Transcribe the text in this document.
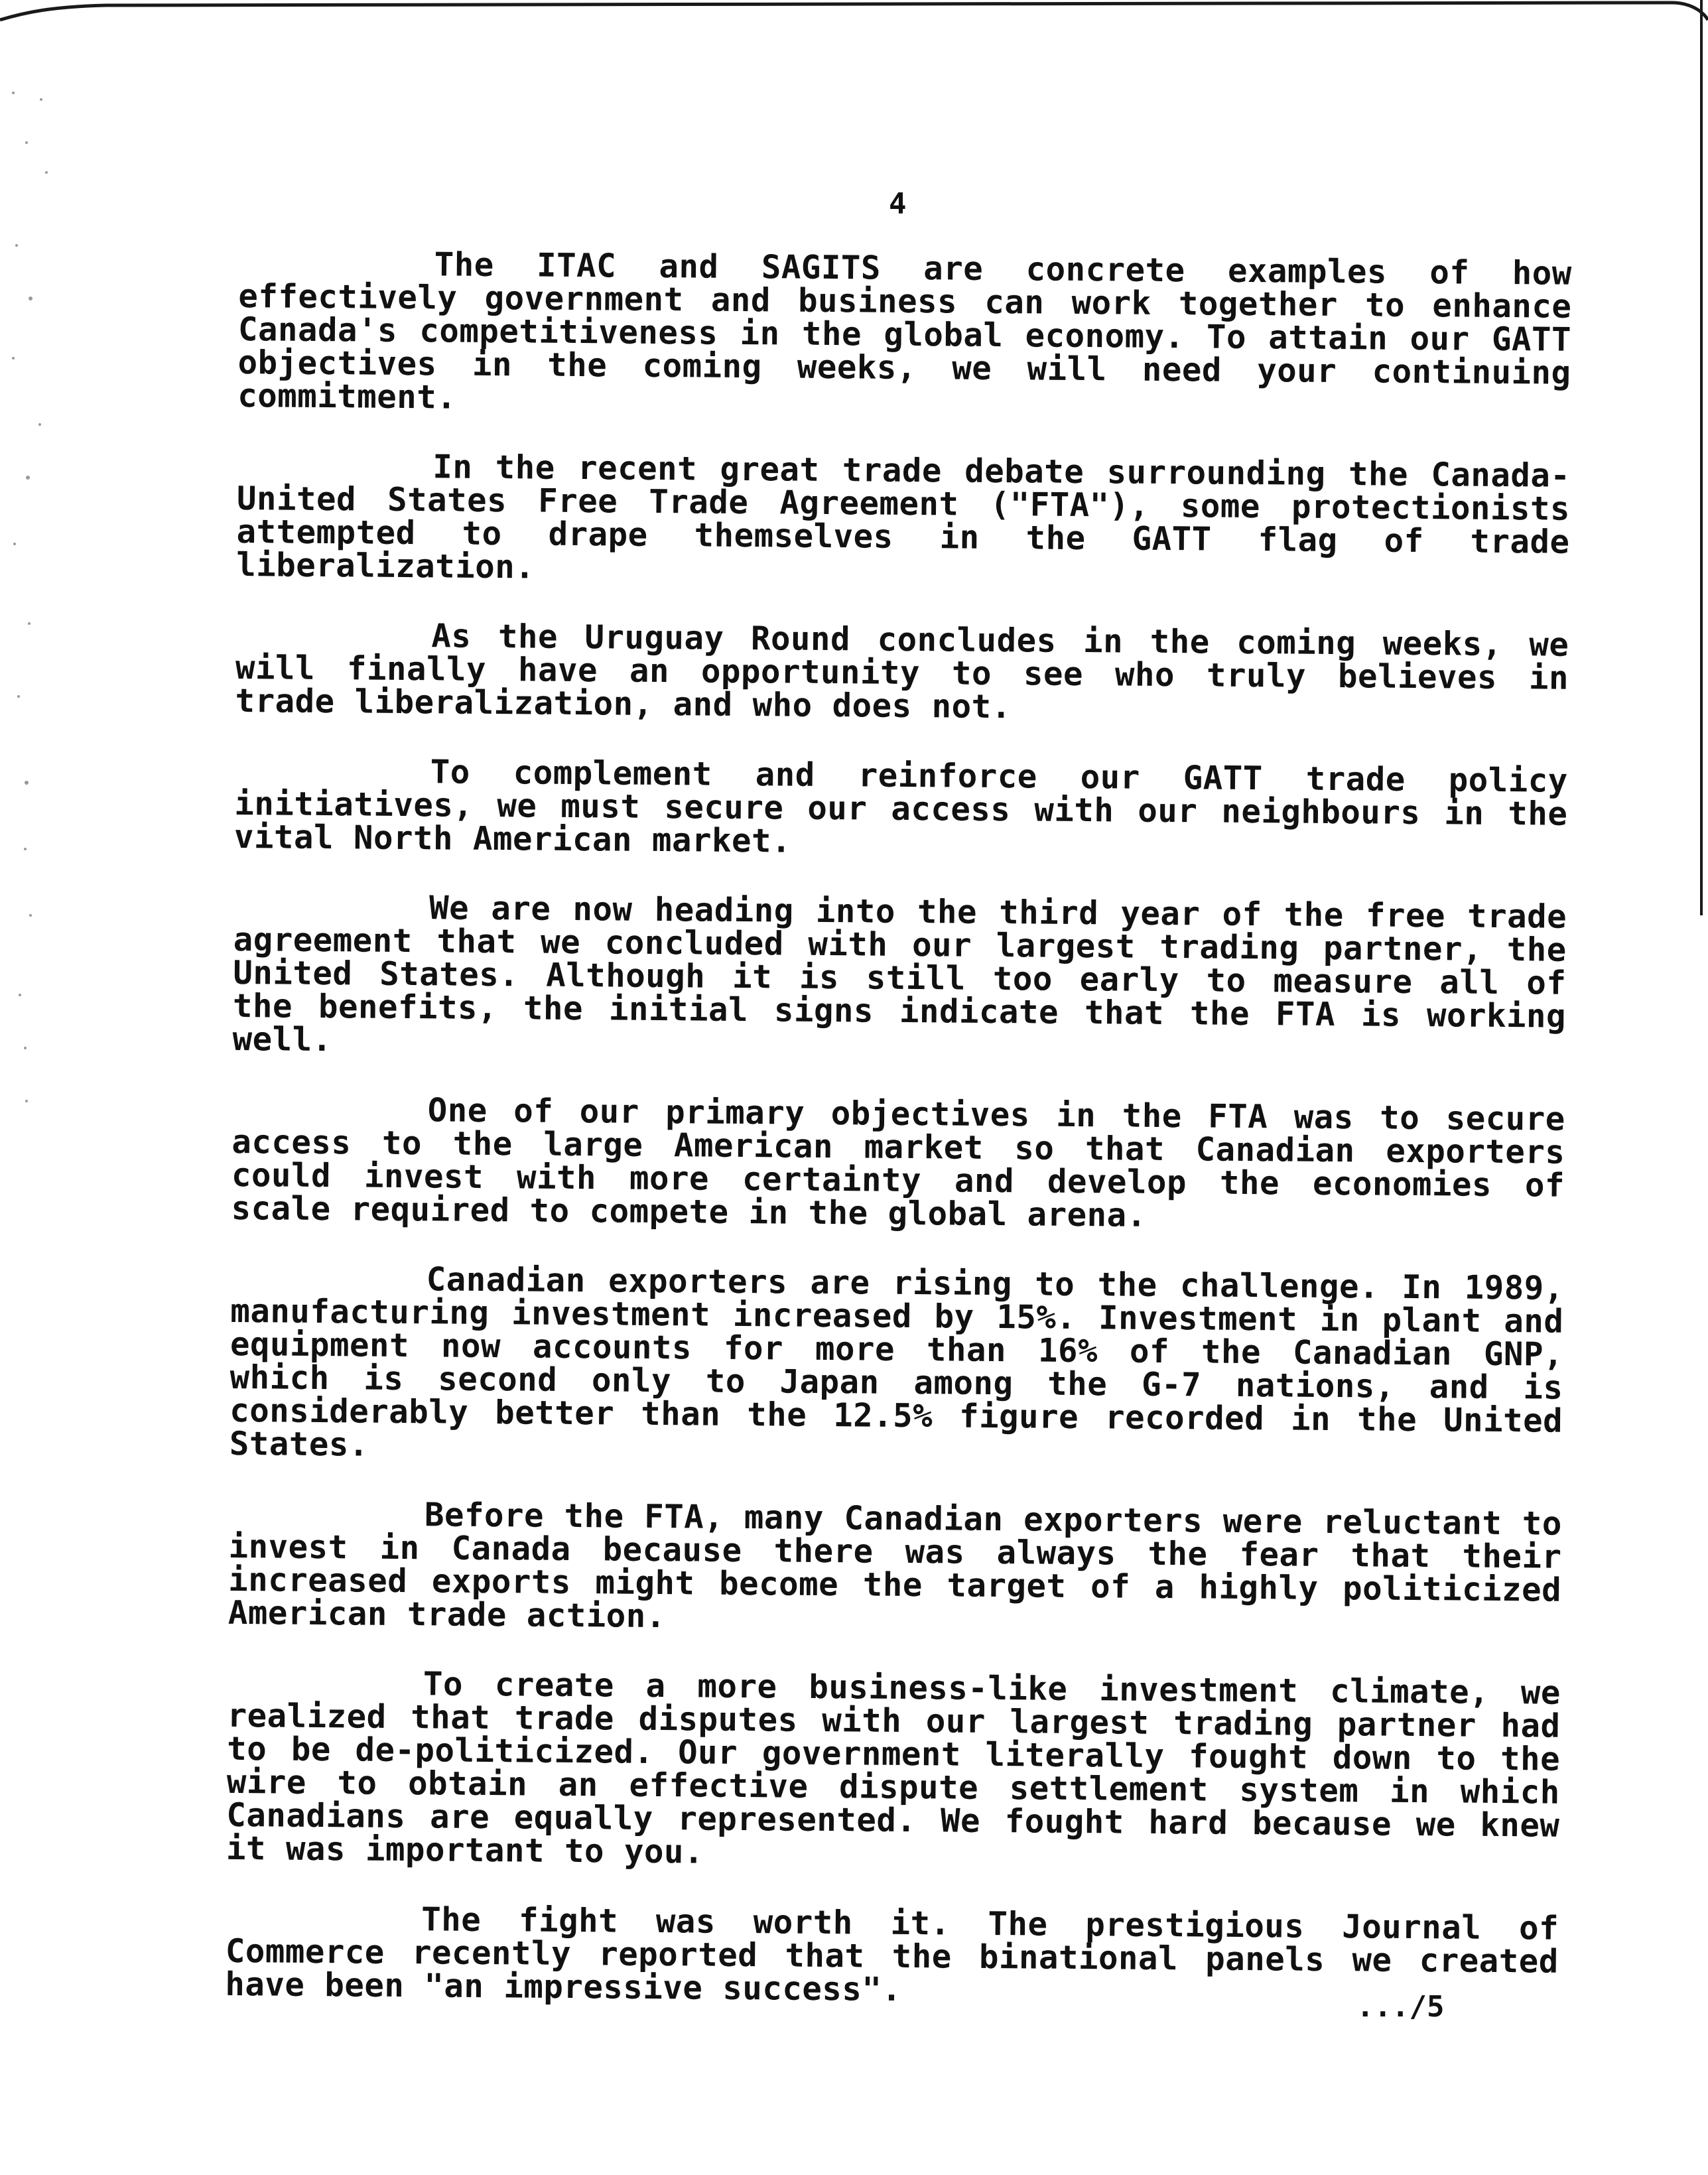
4

The ITAC and SAGITS are concrete examples of how effectively government and business can work together to enhance Canada's competitiveness in the global economy. To attain our GATT objectives in the coming weeks, we will need your continuing commitment.

In the recent great trade debate surrounding the Canada-United States Free Trade Agreement ("FTA"), some protectionists attempted to drape themselves in the GATT flag of trade liberalization.

As the Uruguay Round concludes in the coming weeks, we will finally have an opportunity to see who truly believes in trade liberalization, and who does not.

To complement and reinforce our GATT trade policy initiatives, we must secure our access with our neighbours in the vital North American market.

We are now heading into the third year of the free trade agreement that we concluded with our largest trading partner, the United States. Although it is still too early to measure all of the benefits, the initial signs indicate that the FTA is working well.

One of our primary objectives in the FTA was to secure access to the large American market so that Canadian exporters could invest with more certainty and develop the economies of scale required to compete in the global arena.

Canadian exporters are rising to the challenge. In 1989, manufacturing investment increased by 15%. Investment in plant and equipment now accounts for more than 16% of the Canadian GNP, which is second only to Japan among the G-7 nations, and is considerably better than the 12.5% figure recorded in the United States.

Before the FTA, many Canadian exporters were reluctant to invest in Canada because there was always the fear that their increased exports might become the target of a highly politicized American trade action.

To create a more business-like investment climate, we realized that trade disputes with our largest trading partner had to be de-politicized. Our government literally fought down to the wire to obtain an effective dispute settlement system in which Canadians are equally represented. We fought hard because we knew it was important to you.

The fight was worth it. The prestigious Journal of Commerce recently reported that the binational panels we created have been "an impressive success".	.../5
